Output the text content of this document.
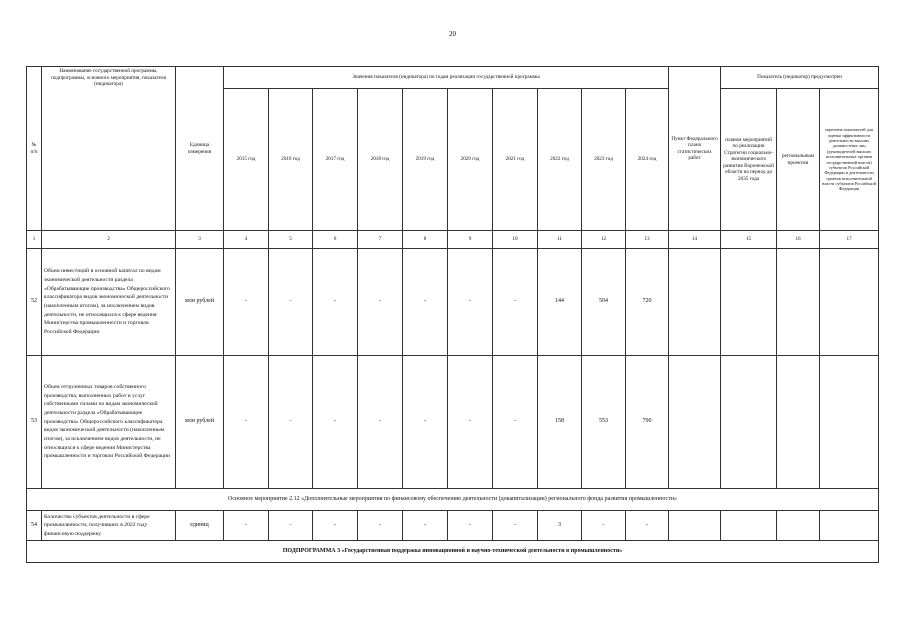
20
№ п/п	Наименование государственной программы, подпрограммы, основного мероприятия, показателя (индикатора)	Единица измерения	Значения показателя (индикатора) по годам реализации государственной программы										Пункт Федерального плана статистических работ	Показатель (индикатор) предусмотрен		
			2015 год	2016 год	2017 год	2018 год	2019 год	2020 год	2021 год	2022 год	2023 год	2024 год		планом мероприятий по реализации Стратегии социально-экономического развития Воронежской области на период до 2035 года	региональным проектом	перечнем показателей для оценки эффективности деятельности высших должностных лиц (руководителей высших исполнительных органов государственной власти) субъектов Российской Федерации и деятельности органов исполнительной власти субъектов Российской Федерации
1	2	3	4	5	6	7	8	9	10	11	12	13	14	15	16	17
52	Объем инвестиций в основной капитал по видам экономической деятельности раздела «Обрабатывающие производства» Общероссийского классификатора видов экономической деятельности (накопленным итогом), за исключением видов деятельности, не относящихся к сфере ведения Министерства промышленности и торговли Российской Федерации	млн рублей	-	-	-	-	-	-	-	144	504	720				
53	Объем отгруженных товаров собственного производства, выполненных работ и услуг собственными силами по видам экономической деятельности раздела «Обрабатывающие производства» Общероссийского классификатора видов экономической деятельности (накопленным итогом), за исключением видов деятельности, не относящихся к сфере ведения Министерства промышленности и торговли Российской Федерации	млн рублей	-	-	-	-	-	-	-	158	553	790				
Основное мероприятие 2.12 «Дополнительные мероприятия по финансовому обеспечению деятельности (докапитализации) регионального фонда развития промышленности»																
54	Количество субъектов деятельности в сфере промышленности, получивших в 2022 году финансовую поддержку	единиц	-	-	-	-	-	-	-	3	-	-				
ПОДПРОГРАММА 3 «Государственная поддержка инновационной и научно-технической деятельности в промышленности»																
